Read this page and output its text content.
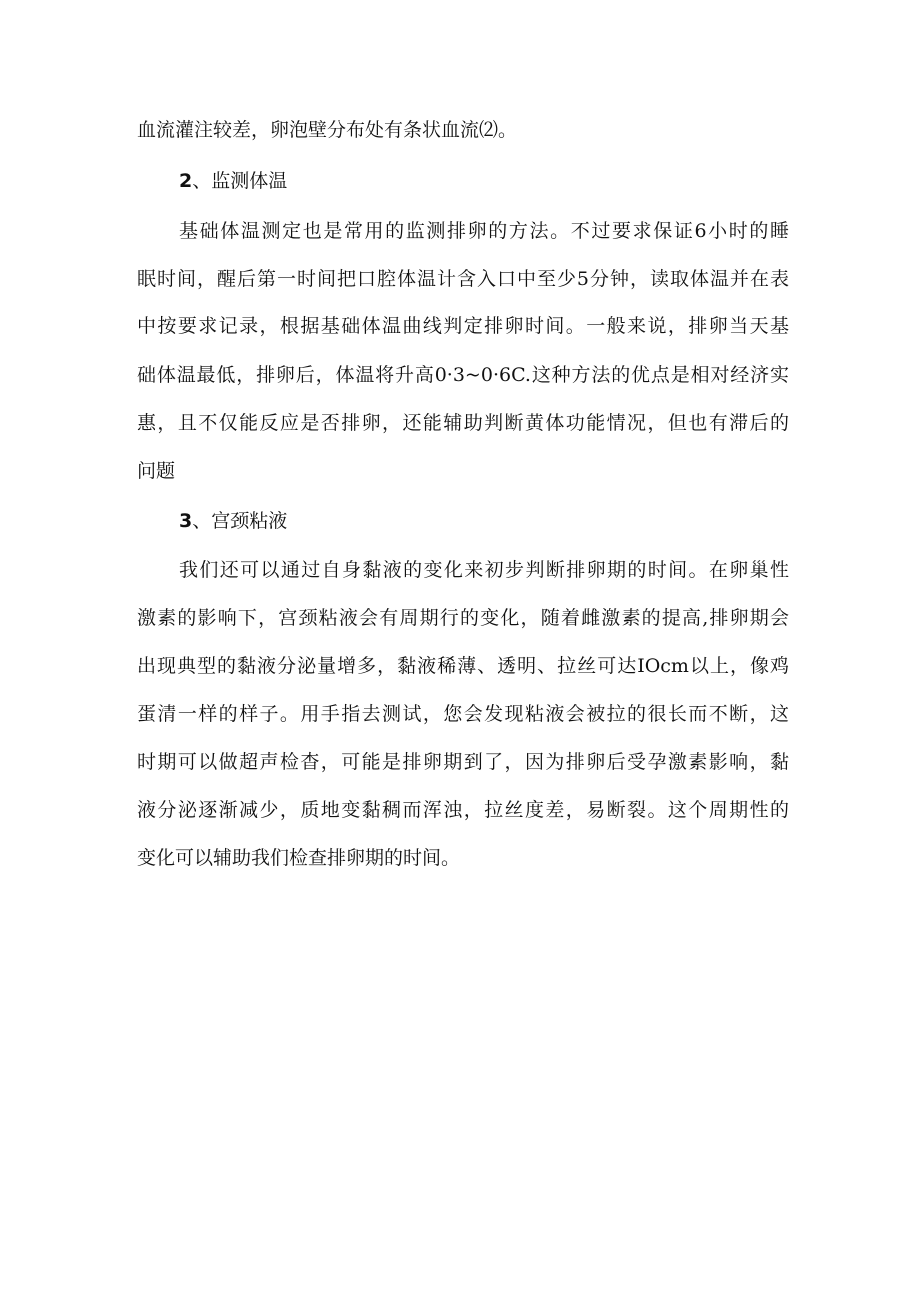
血流灌注较差，卵泡壁分布处有条状血流⑵。
2、监测体温
基础体温测定也是常用的监测排卵的方法。不过要求保证6小时的睡
眠时间，醒后第一时间把口腔体温计含入口中至少5分钟，读取体温并在表
中按要求记录，根据基础体温曲线判定排卵时间。一般来说，排卵当天基
础体温最低，排卵后，体温将升高0·3~0·6C.这种方法的优点是相对经济实
惠，且不仅能反应是否排卵，还能辅助判断黄体功能情况，但也有滞后的
问题
3、宫颈粘液
我们还可以通过自身黏液的变化来初步判断排卵期的时间。在卵巢性
激素的影响下，宫颈粘液会有周期行的变化，随着雌激素的提高,排卵期会
出现典型的黏液分泌量增多，黏液稀薄、透明、拉丝可达IOcm以上，像鸡
蛋清一样的样子。用手指去测试，您会发现粘液会被拉的很长而不断，这
时期可以做超声检杳，可能是排卵期到了，因为排卵后受孕激素影响，黏
液分泌逐渐减少，质地变黏稠而浑浊，拉丝度差，易断裂。这个周期性的
变化可以辅助我们检查排卵期的时间。
